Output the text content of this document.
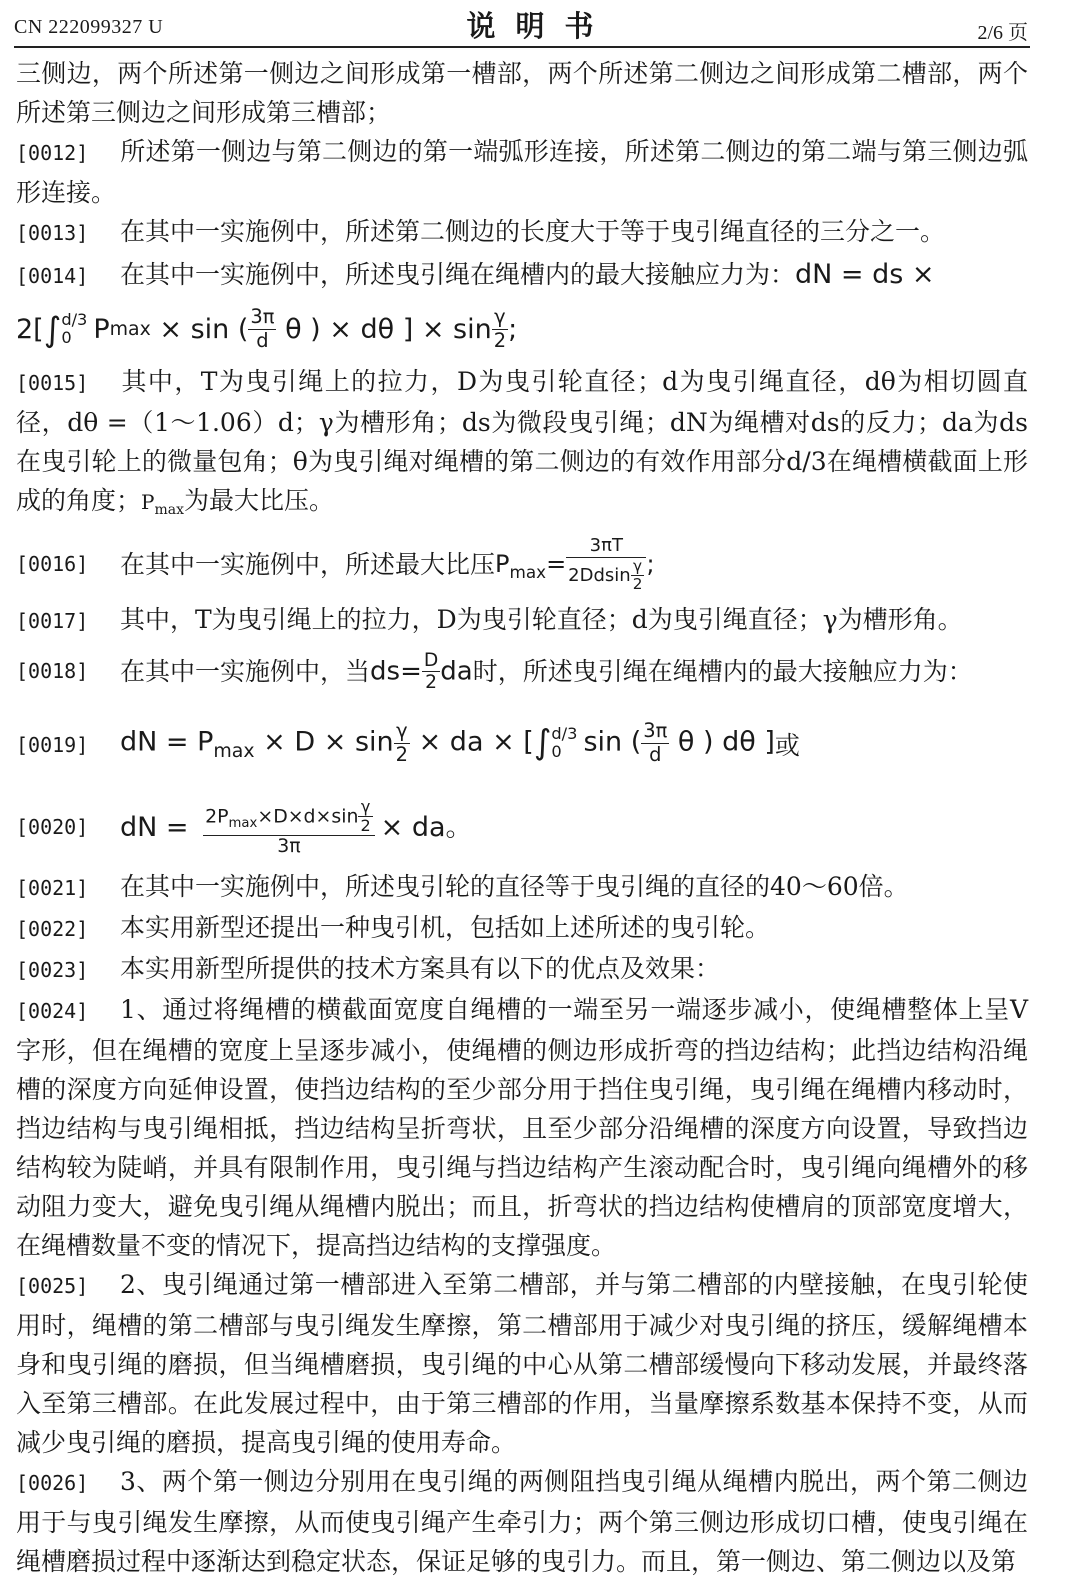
CN 222099327 U	说明书	2/6 页

三侧边，两个所述第一侧边之间形成第一槽部，两个所述第二侧边之间形成第二槽部，两个所述第三侧边之间形成第三槽部；

[0012] 所述第一侧边与第二侧边的第一端弧形连接，所述第二侧边的第二端与第三侧边弧形连接。

[0013] 在其中一实施例中，所述第二侧边的长度大于等于曳引绳直径的三分之一。

[0014] 在其中一实施例中，所述曳引绳在绳槽内的最大接触应力为：dN = ds ×

2[ ∫ d/3
0 P max × sin ( $\frac{3\pi}{d}$ θ ) × dθ ] × $\sin \frac{\gamma}{2}$ ;

[0015] 其中，T为曳引绳上的拉力，D为曳引轮直径；d为曳引绳直径，dθ为相切圆直径，dθ =（1～1.06）d；γ为槽形角；ds为微段曳引绳；dN为绳槽对ds的反力；da为ds在曳引轮上的微量包角；θ为曳引绳对绳槽的第二侧边的有效作用部分d/3在绳槽横截面上形成的角度；$P_{max}$为最大比压。

[0016]	在其中一实施例中，所述最大比压 $P_{max}= \frac{3\pi T}{2Ddsin \frac{\gamma}{2}}$ ;

[0017] 其中，T为曳引绳上的拉力，D为曳引轮直径；d为曳引绳直径；γ为槽形角。

[0018]	在其中一实施例中，当 $ds= \frac{D}{2}$ da 时，所述曳引绳在绳槽内的最大接触应力为：
[0019]	dN = $P_{max} \times D \times \sin \frac{\gamma}{2}$ × da × [∫ d/3
0 sin ( $\frac{3\pi}{d}$ θ ) dθ ] 或
[0020]	dN = $\frac{2P_{max}\times D\times d\times\sin \frac{\gamma}{2}}{3\pi}$ × da。

[0021] 在其中一实施例中，所述曳引轮的直径等于曳引绳的直径的40～60倍。

[0022] 本实用新型还提出一种曳引机，包括如上述所述的曳引轮。

[0023] 本实用新型所提供的技术方案具有以下的优点及效果：

[0024] 1、通过将绳槽的横截面宽度自绳槽的一端至另一端逐步减小，使绳槽整体上呈V字形，但在绳槽的宽度上呈逐步减小，使绳槽的侧边形成折弯的挡边结构；此挡边结构沿绳槽的深度方向延伸设置，使挡边结构的至少部分用于挡住曳引绳，曳引绳在绳槽内移动时，挡边结构与曳引绳相抵，挡边结构呈折弯状，且至少部分沿绳槽的深度方向设置，导致挡边结构较为陡峭，并具有限制作用，曳引绳与挡边结构产生滚动配合时，曳引绳向绳槽外的移动阻力变大，避免曳引绳从绳槽内脱出；而且，折弯状的挡边结构使槽肩的顶部宽度增大，在绳槽数量不变的情况下，提高挡边结构的支撑强度。

[0025] 2、曳引绳通过第一槽部进入至第二槽部，并与第二槽部的内壁接触，在曳引轮使用时，绳槽的第二槽部与曳引绳发生摩擦，第二槽部用于减少对曳引绳的挤压，缓解绳槽本身和曳引绳的磨损，但当绳槽磨损，曳引绳的中心从第二槽部缓慢向下移动发展，并最终落入至第三槽部。在此发展过程中，由于第三槽部的作用，当量摩擦系数基本保持不变，从而减少曳引绳的磨损，提高曳引绳的使用寿命。

[0026] 3、两个第一侧边分别用在曳引绳的两侧阻挡曳引绳从绳槽内脱出，两个第二侧边用于与曳引绳发生摩擦，从而使曳引绳产生牵引力；两个第三侧边形成切口槽，使曳引绳在绳槽磨损过程中逐渐达到稳定状态，保证足够的曳引力。而且，第一侧边、第二侧边以及第
